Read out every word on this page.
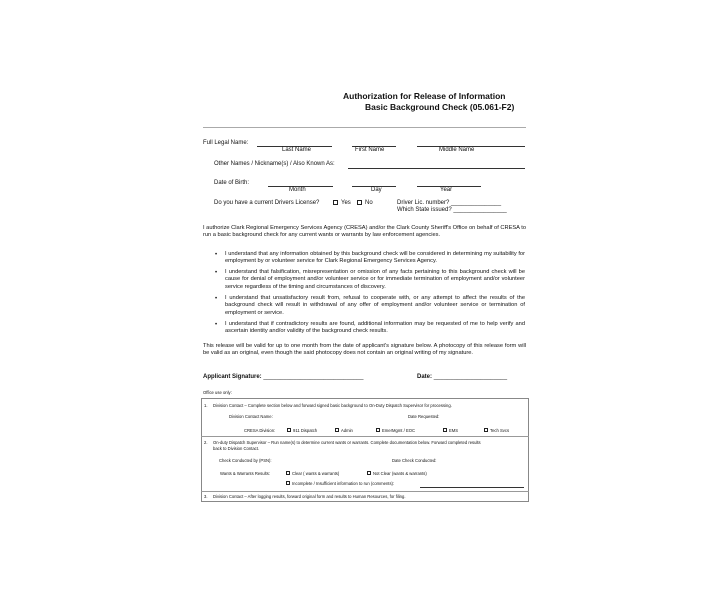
Authorization for Release of Information
Basic Background Check (05.061-F2)
Full Legal Name:
Last Name	First Name	Middle Name
Other Names / Nickname(s) / Also Known As:
Date of Birth:
Month	Day	Year
Do you have a current Drivers License?	Yes No	Driver Lic. number? _______________
Which State issued? ________________
I authorize Clark Regional Emergency Services Agency (CRESA) and/or the Clark County Sheriff's Office on behalf of CRESA to run a basic background check for any current wants or warrants by law enforcement agencies.
• I understand that any information obtained by this background check will be considered in determining my suitability for employment by or volunteer service for Clark Regional Emergency Services Agency.
• I understand that falsification, misrepresentation or omission of any facts pertaining to this background check will be cause for denial of employment and/or volunteer service or for immediate termination of employment and/or volunteer service regardless of the timing and circumstances of discovery.
• I understand that unsatisfactory result from, refusal to cooperate with, or any attempt to affect the results of the background check will result in withdrawal of any offer of employment and/or volunteer service or termination of employment or service.
• I understand that if contradictory results are found, additional information may be requested of me to help verify and ascertain identity and/or validity of the background check results.
This release will be valid for up to one month from the date of applicant's signature below. A photocopy of this release form will be valid as an original, even though the said photocopy does not contain an original writing of my signature.
Applicant Signature: ______________________________	Date: ______________________
Office use only:
1. Division Contact – Complete section below and forward signed basic background to On-Duty Dispatch Supervisor for processing.
Division Contact Name:	Date Requested:
CRESA Division:	911 Dispatch	Admin	EmerMgmt / EOC	EMS	Tech Svcs
2. On-duty Dispatch Supervisor – Run name(s) to determine current wants or warrants. Complete documentation below. Forward completed results
back to Division Contact.
Check Conducted by (PSN):	Date Check Conducted:
Wants & Warrants Results:	Clear ( wants & warrants)	Not Clear (wants & warrants)
Incomplete / Insufficient information to run (comments):
3. Division Contact – After logging results, forward original form and results to Human Resources, for filing.
